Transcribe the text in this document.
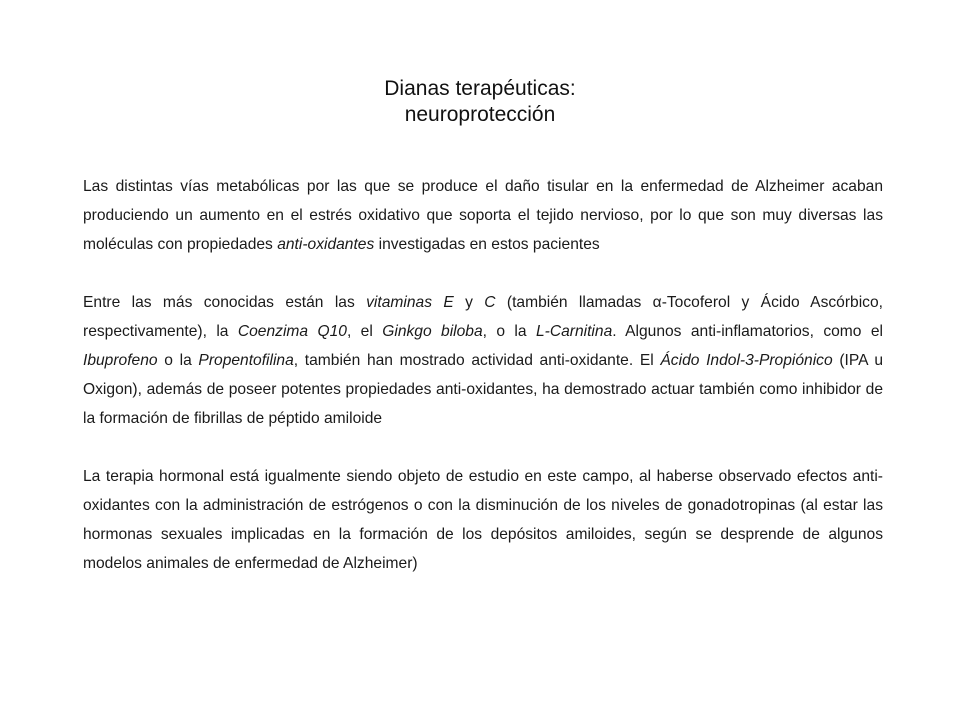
Dianas terapéuticas:
neuroprotección

Las distintas vías metabólicas por las que se produce el daño tisular en la enfermedad de Alzheimer acaban produciendo un aumento en el estrés oxidativo que soporta el tejido nervioso, por lo que son muy diversas las moléculas con propiedades anti-oxidantes investigadas en estos pacientes

Entre las más conocidas están las vitaminas E y C (también llamadas α-Tocoferol y Ácido Ascórbico, respectivamente), la Coenzima Q10, el Ginkgo biloba, o la L-Carnitina. Algunos anti-inflamatorios, como el Ibuprofeno o la Propentofilina, también han mostrado actividad anti-oxidante. El Ácido Indol-3-Propiónico (IPA u Oxigon), además de poseer potentes propiedades anti-oxidantes, ha demostrado actuar también como inhibidor de la formación de fibrillas de péptido amiloide

La terapia hormonal está igualmente siendo objeto de estudio en este campo, al haberse observado efectos anti-oxidantes con la administración de estrógenos o con la disminución de los niveles de gonadotropinas (al estar las hormonas sexuales implicadas en la formación de los depósitos amiloides, según se desprende de algunos modelos animales de enfermedad de Alzheimer)
